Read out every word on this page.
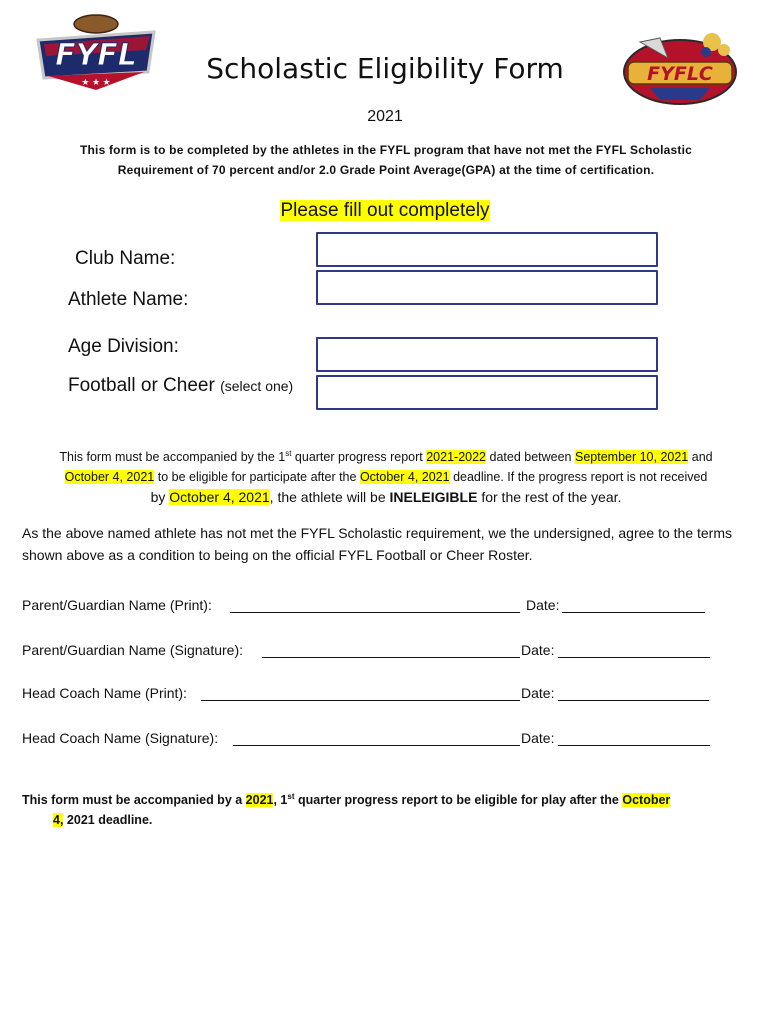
FYFL
★ ★ ★	FYFLC
Scholastic Eligibility Form
2021
This form is to be completed by the athletes in the FYFL program that have not met the FYFL Scholastic
Requirement of 70 percent and/or 2.0 Grade Point Average(GPA) at the time of certification.
Please fill out completely
Club Name:
Athlete Name:
Age Division:
Football or Cheer (select one)
This form must be accompanied by the 1st quarter progress report 2021-2022 dated between September 10, 2021 and
October 4, 2021 to be eligible for participate after the October 4, 2021 deadline. If the progress report is not received
by October 4, 2021, the athlete will be INELEIGIBLE for the rest of the year.
As the above named athlete has not met the FYFL Scholastic requirement, we the undersigned, agree to the terms shown above as a condition to being on the official FYFL Football or Cheer Roster.
Parent/Guardian Name (Print):	Date:
Parent/Guardian Name (Signature):	Date:
Head Coach Name (Print):	Date:
Head Coach Name (Signature):	Date:
This form must be accompanied by a 2021, 1st quarter progress report to be eligible for play after the October
4, 2021 deadline.
